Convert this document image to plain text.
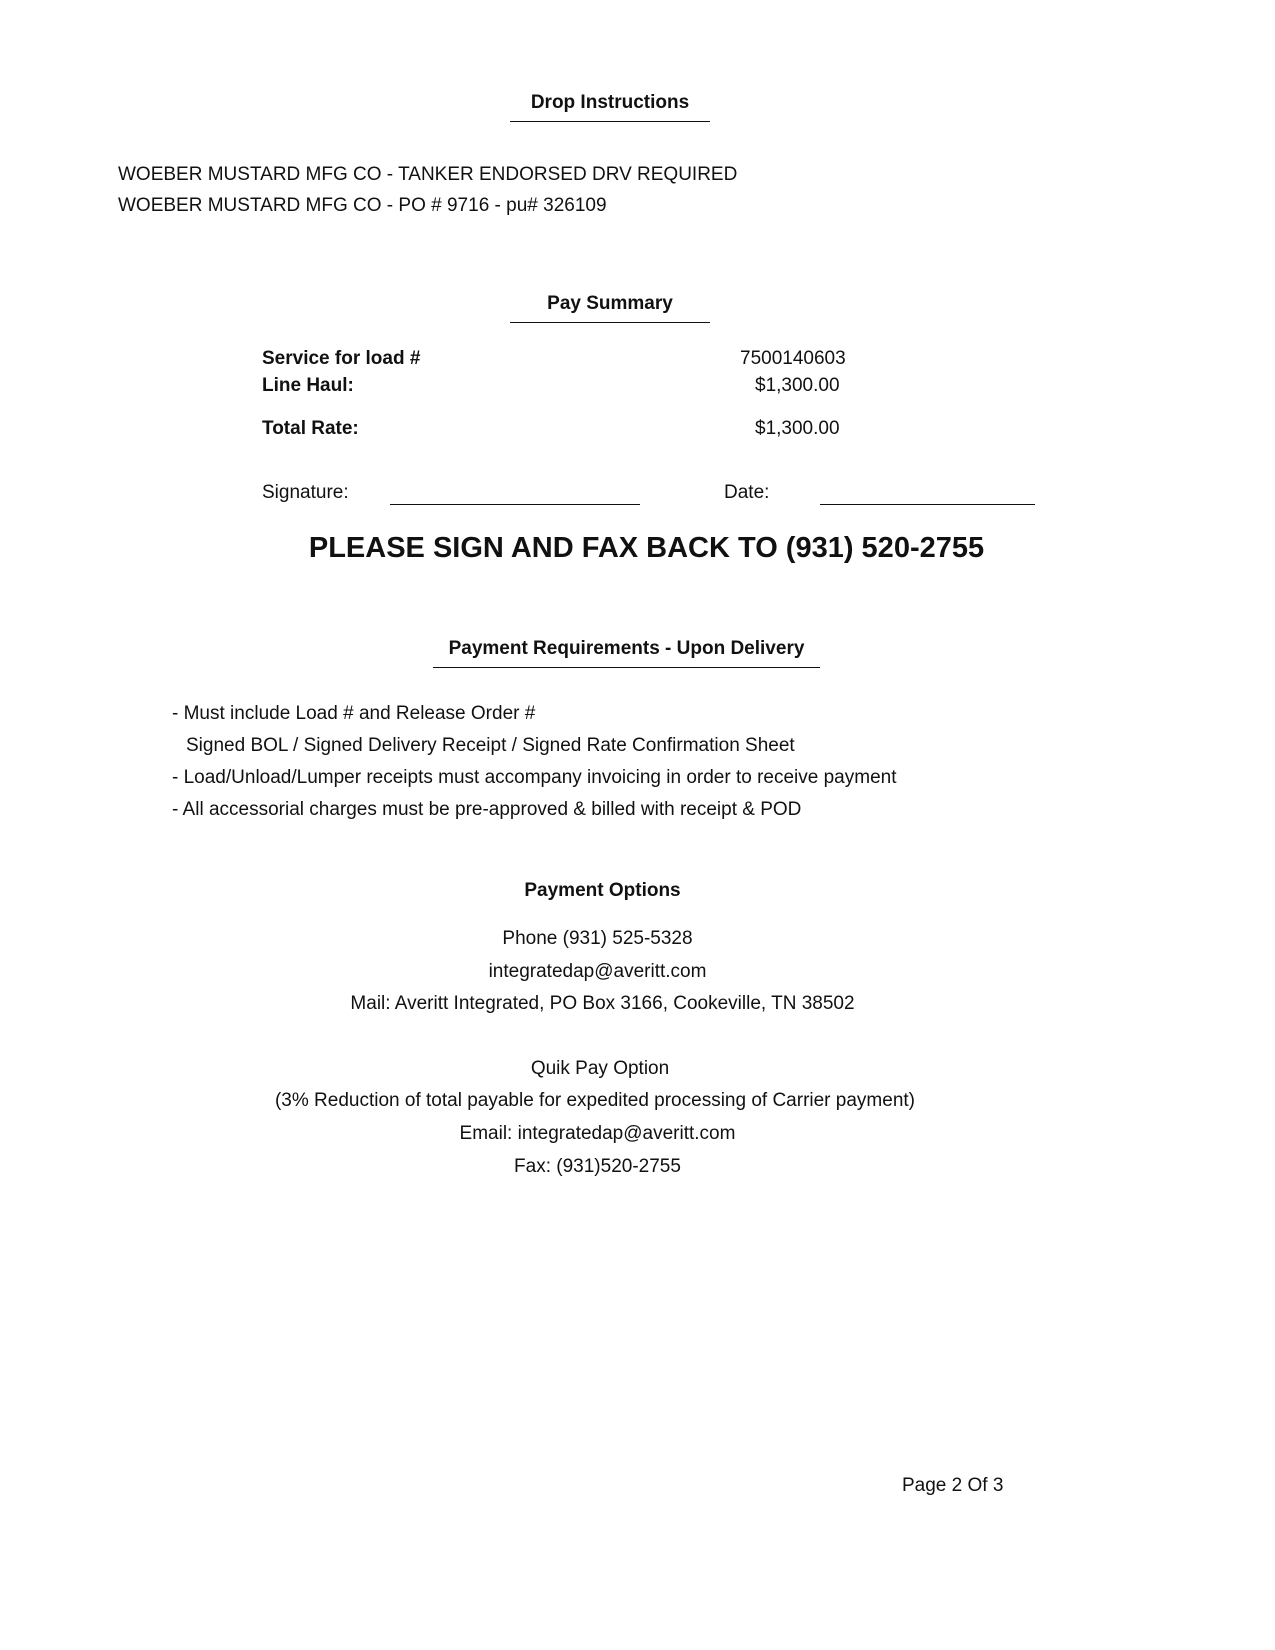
Drop Instructions
WOEBER MUSTARD MFG CO - TANKER ENDORSED DRV REQUIRED
WOEBER MUSTARD MFG CO - PO # 9716 - pu# 326109
Pay Summary
Service for load #	7500140603
Line Haul:	$1,300.00
Total Rate:	$1,300.00
Signature:	Date:
PLEASE SIGN AND FAX BACK TO (931) 520-2755
Payment Requirements - Upon Delivery
- Must include Load # and Release Order #
Signed BOL / Signed Delivery Receipt / Signed Rate Confirmation Sheet
- Load/Unload/Lumper receipts must accompany invoicing in order to receive payment
- All accessorial charges must be pre-approved & billed with receipt & POD
Payment Options
Phone (931) 525-5328
integratedap@averitt.com
Mail: Averitt Integrated, PO Box 3166, Cookeville, TN 38502
Quik Pay Option
(3% Reduction of total payable for expedited processing of Carrier payment)
Email: integratedap@averitt.com
Fax: (931)520-2755
Page 2 Of 3
